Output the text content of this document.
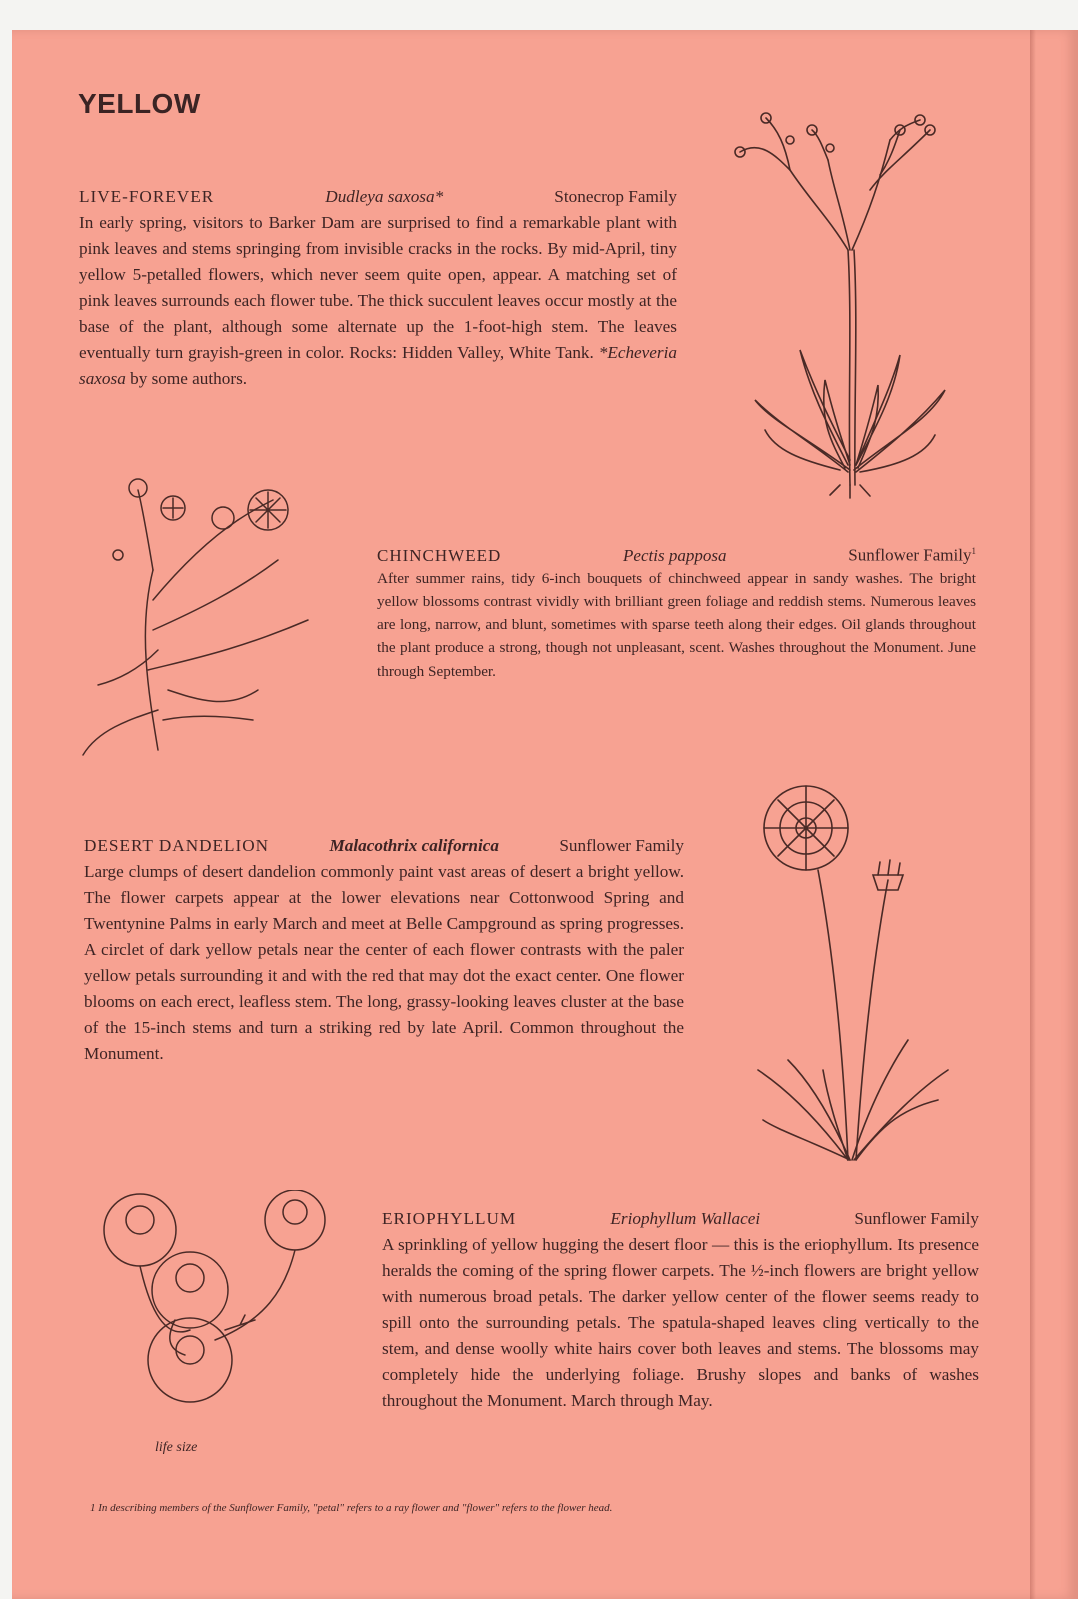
YELLOW
LIVE-FOREVER	Dudleya saxosa*	Stonecrop Family

In early spring, visitors to Barker Dam are surprised to find a remarkable plant with pink leaves and stems springing from invisible cracks in the rocks. By mid-April, tiny yellow 5-petalled flowers, which never seem quite open, appear. A matching set of pink leaves surrounds each flower tube. The thick succulent leaves occur mostly at the base of the plant, although some alternate up the 1-foot-high stem. The leaves eventually turn grayish-green in color. Rocks: Hidden Valley, White Tank. *Echeveria saxosa by some authors.

CHINCHWEED	Pectis papposa	Sunflower Family$^1$

After summer rains, tidy 6-inch bouquets of chinchweed appear in sandy washes. The bright yellow blossoms contrast vividly with brilliant green foliage and reddish stems. Numerous leaves are long, narrow, and blunt, sometimes with sparse teeth along their edges. Oil glands throughout the plant produce a strong, though not unpleasant, scent. Washes throughout the Monument. June through September.

DESERT DANDELION	Malacothrix californica	Sunflower Family

Large clumps of desert dandelion commonly paint vast areas of desert a bright yellow. The flower carpets appear at the lower elevations near Cottonwood Spring and Twentynine Palms in early March and meet at Belle Campground as spring progresses. A circlet of dark yellow petals near the center of each flower contrasts with the paler yellow petals surrounding it and with the red that may dot the exact center. One flower blooms on each erect, leafless stem. The long, grassy-looking leaves cluster at the base of the 15-inch stems and turn a striking red by late April. Common throughout the Monument.

ERIOPHYLLUM	Eriophyllum Wallacei	Sunflower Family

A sprinkling of yellow hugging the desert floor — this is the eriophyllum. Its presence heralds the coming of the spring flower carpets. The ½-inch flowers are bright yellow with numerous broad petals. The darker yellow center of the flower seems ready to spill onto the surrounding petals. The spatula-shaped leaves cling vertically to the stem, and dense woolly white hairs cover both leaves and stems. The blossoms may completely hide the underlying foliage. Brushy slopes and banks of washes throughout the Monument. March through May.

life size
1 In describing members of the Sunflower Family, "petal" refers to a ray flower and "flower" refers to the flower head.
